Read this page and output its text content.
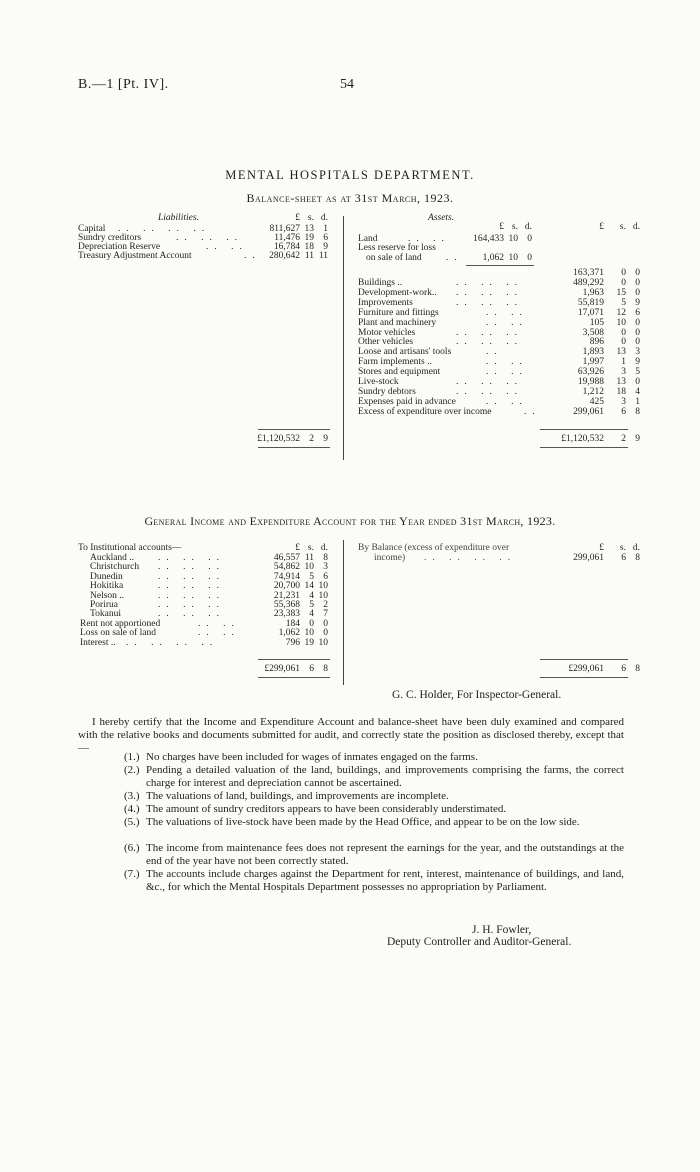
B.—1 [Pt. IV].	54
MENTAL HOSPITALS DEPARTMENT.
Balance-sheet as at 31st March, 1923.
Liabilities.	Assets.
£ s. d.
£ s. d.	£ s. d.
Capital .. .. .. ..	811,627 13 1
Sundry creditors	.. .. ..	11,476 19 6
Depreciation Reserve	.. ..	16,784 18 9
Treasury Adjustment Account	.. 280,642 11 11
Land	.. ..	164,433 10 0
Less reserve for loss
on sale of land	..	1,062 10 0
163,371 0 0
Buildings ..	.. .. ..	489,292 0 0
Development-work.. .. .. ..	1,963 15 0
Improvements	.. .. ..	55,819 5 9
Furniture and fittings	.. ..	17,071 12 6
Plant and machinery	.. ..	105 10 0
Motor vehicles	.. .. ..	3,508 0 0
Other vehicles	.. .. ..	896 0 0
Loose and artisans' tools	..	1,893 13 3
Farm implements ..	.. ..	1,997 1 9
Stores and equipment	.. ..	63,926 3 5
Live-stock	.. .. ..	19,988 13 0
Sundry debtors	.. .. ..	1,212 18 4
Expenses paid in advance	.. ..	425 3 1
Excess of expenditure over income	..	299,061 6 8
£1,120,532 2 9	£1,120,532 2 9
General Income and Expenditure Account for the Year ended 31st March, 1923.
£ s. d.	£ s. d.
To Institutional accounts—
Auckland ..	.. .. ..	46,557 11 8
Christchurch .. .. ..	54,862 10 3
Dunedin	.. .. ..	74,914 5 6
Hokitika	.. .. ..	20,700 14 10
Nelson ..	.. .. ..	21,231 4 10
Porirua	.. .. ..	55,368 5 2
Tokanui	.. .. ..	23,383 4 7
Rent not apportioned	.. ..	184 0 0
Loss on sale of land	.. ..	1,062 10 0
Interest .. .. .. .. ..	796 19 10
By Balance (excess of expenditure over
income) .. .. .. ..	299,061 6 8
£299,061 6 8	£299,061 6 8
G. C. Holder, For Inspector-General.

I hereby certify that the Income and Expenditure Account and balance-sheet have been duly examined and compared with the relative books and documents submitted for audit, and correctly state the position as disclosed thereby, except that—

(1.) No charges have been included for wages of inmates engaged on the farms.

(2.) Pending a detailed valuation of the land, buildings, and improvements comprising the farms, the correct charge for interest and depreciation cannot be ascertained.

(3.) The valuations of land, buildings, and improvements are incomplete.

(4.) The amount of sundry creditors appears to have been considerably understimated.

(5.) The valuations of live-stock have been made by the Head Office, and appear to be on the low side.

(6.) The income from maintenance fees does not represent the earnings for the year, and the outstandings at the end of the year have not been correctly stated.

(7.) The accounts include charges against the Department for rent, interest, maintenance of buildings, and land, &c., for which the Mental Hospitals Department possesses no appropriation by Parliament.

J. H. Fowler,
Deputy Controller and Auditor-General.
